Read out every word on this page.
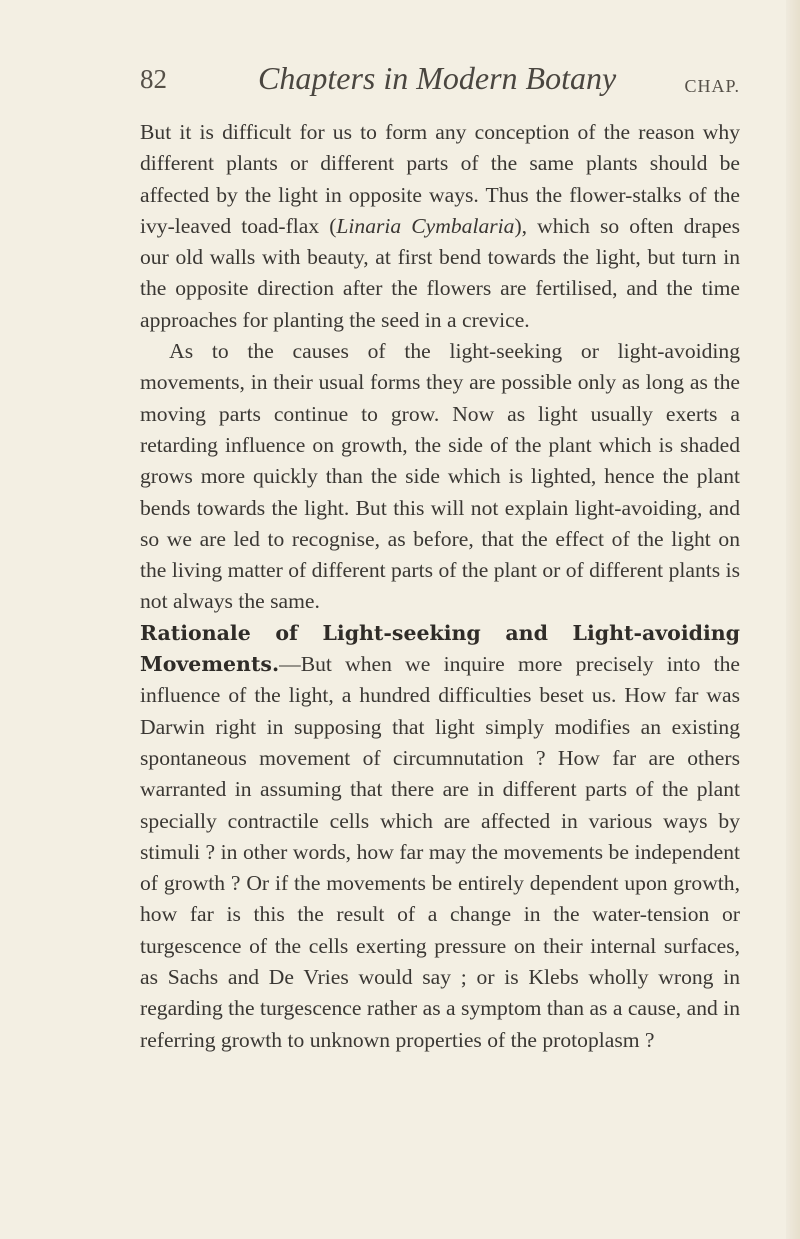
82	Chapters in Modern Botany	CHAP.

But it is difficult for us to form any conception of the reason why different plants or different parts of the same plants should be affected by the light in opposite ways. Thus the flower-stalks of the ivy-leaved toad-flax (Linaria Cymbalaria), which so often drapes our old walls with beauty, at first bend towards the light, but turn in the opposite direction after the flowers are fertilised, and the time approaches for planting the seed in a crevice.

As to the causes of the light-seeking or light-avoiding movements, in their usual forms they are possible only as long as the moving parts continue to grow. Now as light usually exerts a retarding influence on growth, the side of the plant which is shaded grows more quickly than the side which is lighted, hence the plant bends towards the light. But this will not explain light-avoiding, and so we are led to recognise, as before, that the effect of the light on the living matter of different parts of the plant or of different plants is not always the same.

Rationale of Light-seeking and Light-avoiding Movements.—But when we inquire more precisely into the influence of the light, a hundred difficulties beset us. How far was Darwin right in supposing that light simply modifies an existing spontaneous movement of circumnutation ? How far are others warranted in assuming that there are in different parts of the plant specially contractile cells which are affected in various ways by stimuli ? in other words, how far may the movements be independent of growth ? Or if the movements be entirely dependent upon growth, how far is this the result of a change in the water-tension or turgescence of the cells exerting pressure on their internal surfaces, as Sachs and De Vries would say ; or is Klebs wholly wrong in regarding the turgescence rather as a symptom than as a cause, and in referring growth to unknown properties of the protoplasm ?
